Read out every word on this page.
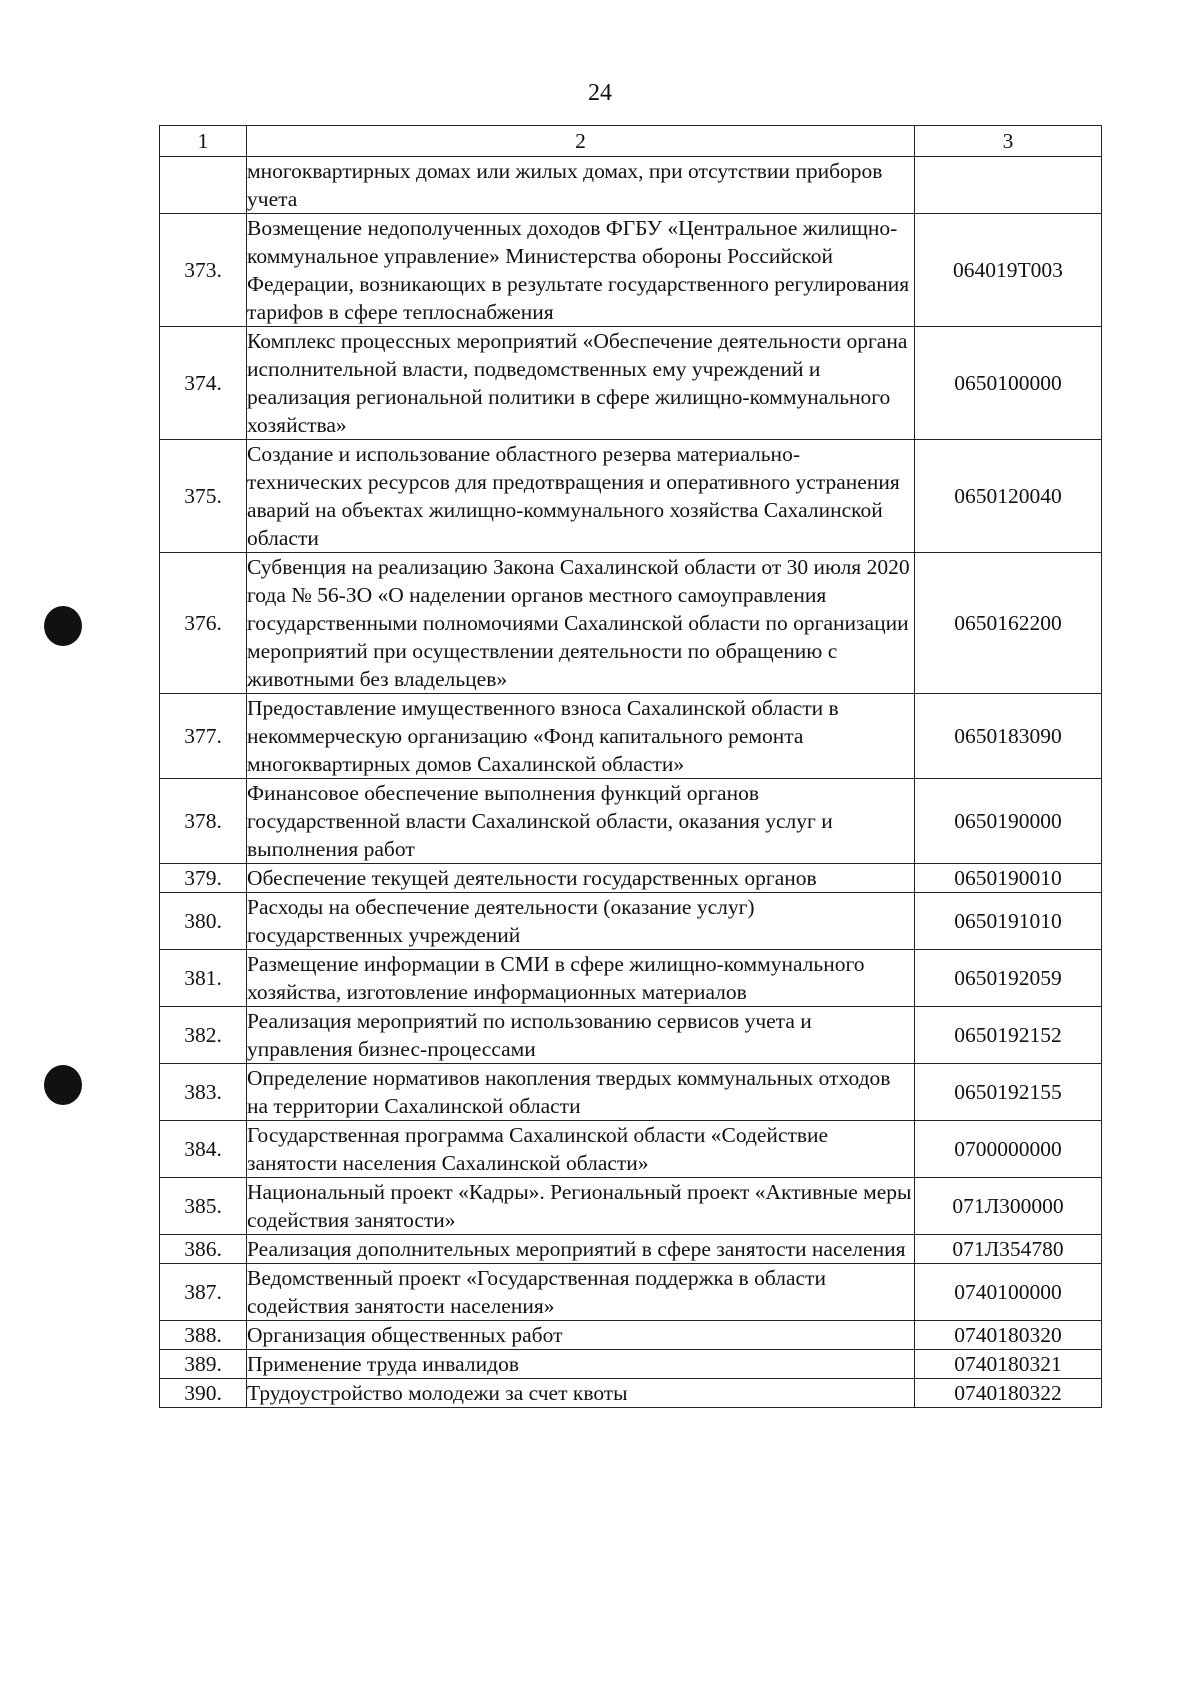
24
1	2	3
	многоквартирных домах или жилых домах, при отсутствии приборов учета	
373.	Возмещение недополученных доходов ФГБУ «Центральное жилищно-коммунальное управление» Министерства обороны Российской Федерации, возникающих в результате государственного регулирования тарифов в сфере теплоснабжения	064019T003
374.	Комплекс процессных мероприятий «Обеспечение деятельности органа исполнительной власти, подведомственных ему учреждений и реализация региональной политики в сфере жилищно-коммунального хозяйства»	0650100000
375.	Создание и использование областного резерва материально-технических ресурсов для предотвращения и оперативного устранения аварий на объектах жилищно-коммунального хозяйства Сахалинской области	0650120040
376.	Субвенция на реализацию Закона Сахалинской области от 30 июля 2020 года № 56-ЗО «О наделении органов местного самоуправления государственными полномочиями Сахалинской области по организации мероприятий при осуществлении деятельности по обращению с животными без владельцев»	0650162200
377.	Предоставление имущественного взноса Сахалинской области в некоммерческую организацию «Фонд капитального ремонта многоквартирных домов Сахалинской области»	0650183090
378.	Финансовое обеспечение выполнения функций органов государственной власти Сахалинской области, оказания услуг и выполнения работ	0650190000
379.	Обеспечение текущей деятельности государственных органов	0650190010
380.	Расходы на обеспечение деятельности (оказание услуг) государственных учреждений	0650191010
381.	Размещение информации в СМИ в сфере жилищно-коммунального хозяйства, изготовление информационных материалов	0650192059
382.	Реализация мероприятий по использованию сервисов учета и управления бизнес-процессами	0650192152
383.	Определение нормативов накопления твердых коммунальных отходов на территории Сахалинской области	0650192155
384.	Государственная программа Сахалинской области «Содействие занятости населения Сахалинской области»	0700000000
385.	Национальный проект «Кадры». Региональный проект «Активные меры содействия занятости»	071Л300000
386.	Реализация дополнительных мероприятий в сфере занятости населения	071Л354780
387.	Ведомственный проект «Государственная поддержка в области содействия занятости населения»	0740100000
388.	Организация общественных работ	0740180320
389.	Применение труда инвалидов	0740180321
390.	Трудоустройство молодежи за счет квоты	0740180322
